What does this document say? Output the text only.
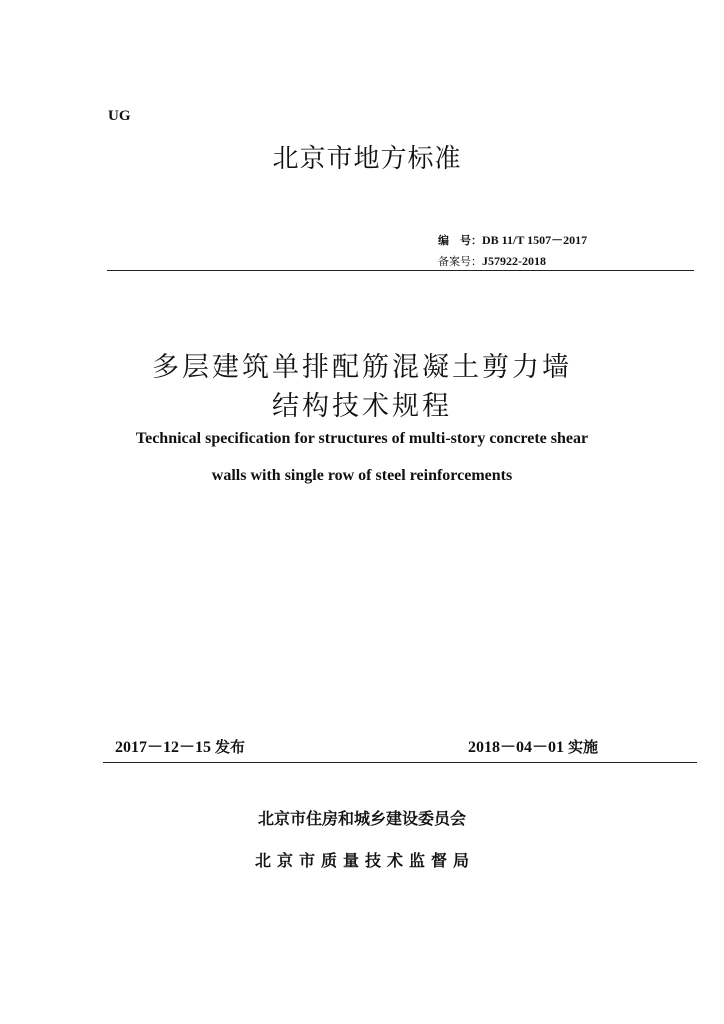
UG
北京市地方标准
编　号：DB 11/T 1507－2017
备案号：J57922-2018
多层建筑单排配筋混凝土剪力墙
结构技术规程
Technical specification for structures of multi-story concrete shear
walls with single row of steel reinforcements
2017－12－15 发布	2018－04－01 实施
北京市住房和城乡建设委员会
北京市质量技术监督局
